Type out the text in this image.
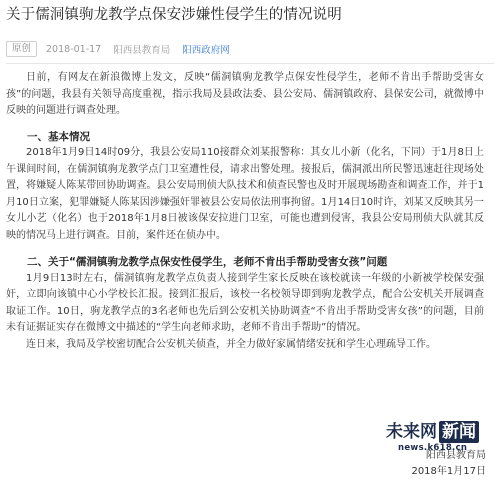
关于儒洞镇驹龙教学点保安涉嫌性侵学生的情况说明
原创	2018-01-17 阳西县教育局 阳西政府网

日前，有网友在新浪微博上发文，反映“儒洞镇驹龙教学点保安性侵学生，老师不肯出手帮助受害女孩”的问题，我县有关领导高度重视，指示我局及县政法委、县公安局、儒洞镇政府、县保安公司，就微博中反映的问题进行调查处理。

一、基本情况

2018年1月9日14时09分，我县公安局110接群众刘某报警称：其女儿小新（化名，下同）于1月8日上午课间时间，在儒洞镇驹龙教学点门卫室遭性侵，请求出警处理。接报后，儒洞派出所民警迅速赶往现场处置，将嫌疑人陈某带回协助调查。县公安局刑侦大队技术和侦查民警也及时开展现场勘查和调查工作，并于1月10日立案，犯罪嫌疑人陈某因涉嫌强奸罪被县公安局依法刑事拘留。1月14日10时许，刘某又反映其另一女儿小艺（化名）也于2018年1月8日被该保安拉进门卫室，可能也遭到侵害，我县公安局刑侦大队就其反映的情况马上进行调查。目前，案件还在侦办中。

二、关于“儒洞镇驹龙教学点保安性侵学生，老师不肯出手帮助受害女孩”问题

1月9日13时左右，儒洞镇驹龙教学点负责人接到学生家长反映在该校就读一年级的小新被学校保安强奸，立即向该镇中心小学校长汇报。接到汇报后，该校一名校领导即到驹龙教学点，配合公安机关开展调查取证工作。10日，驹龙教学点的3名老师也先后到公安机关协助调查“不肯出手帮助受害女孩”的问题，目前未有证据证实存在微博文中描述的“学生向老师求助，老师不肯出手帮助”的情况。

连日来，我局及学校密切配合公安机关侦查，并全力做好家属情绪安抚和学生心理疏导工作。

未来网 新闻
news.k618.cn
阳西县教育局
2018年1月17日
